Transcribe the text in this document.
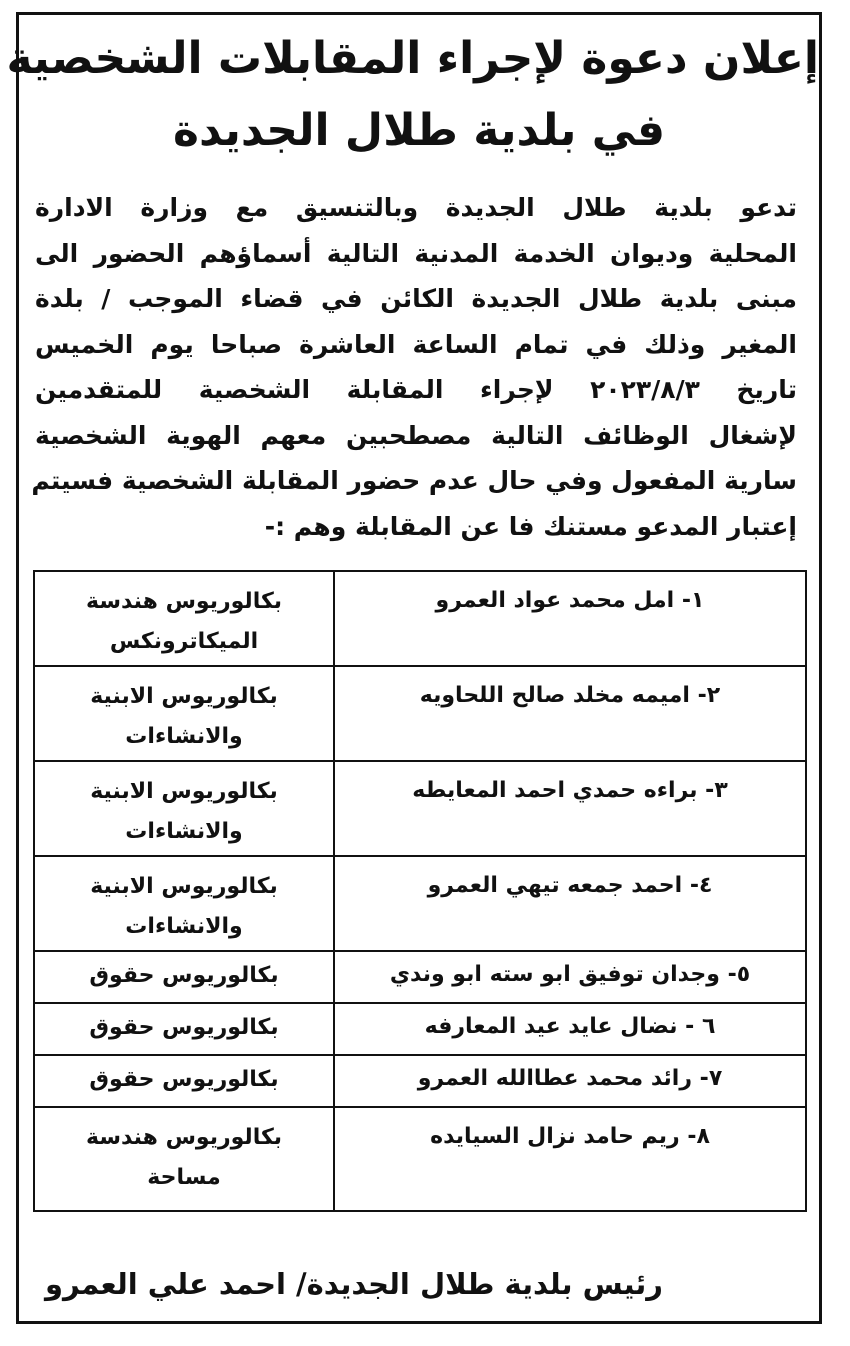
إعلان دعوة لإجراء المقابلات الشخصية
في بلدية طلال الجديدة
تدعو بلدية طلال الجديدة وبالتنسيق مع وزارة الادارة
المحلية وديوان الخدمة المدنية التالية أسماؤهم الحضور الى
مبنى بلدية طلال الجديدة الكائن في قضاء الموجب / بلدة
المغير وذلك في تمام الساعة العاشرة صباحا يوم الخميس
تاريخ ٢٠٢٣/٨/٣ لإجراء المقابلة الشخصية للمتقدمين
لإشغال الوظائف التالية مصطحبين معهم الهوية الشخصية
سارية المفعول وفي حال عدم حضور المقابلة الشخصية فسيتم
إعتبار المدعو مستنك فا عن المقابلة وهم :-
١- امل محمد عواد العمرو	بكالوريوس هندسة
الميكاترونكس

٢- اميمه مخلد صالح اللحاويه	بكالوريوس الابنية
والانشاءات

٣- براءه حمدي احمد المعايطه	بكالوريوس الابنية
والانشاءات

٤- احمد جمعه تيهي العمرو	بكالوريوس الابنية
والانشاءات

٥- وجدان توفيق ابو سته ابو وندي	بكالوريوس حقوق

٦ - نضال عايد عيد المعارفه	بكالوريوس حقوق

٧- رائد محمد عطاالله العمرو	بكالوريوس حقوق

٨- ريم حامد نزال السيايده	بكالوريوس هندسة
مساحة
رئيس بلدية طلال الجديدة/ احمد علي العمرو
